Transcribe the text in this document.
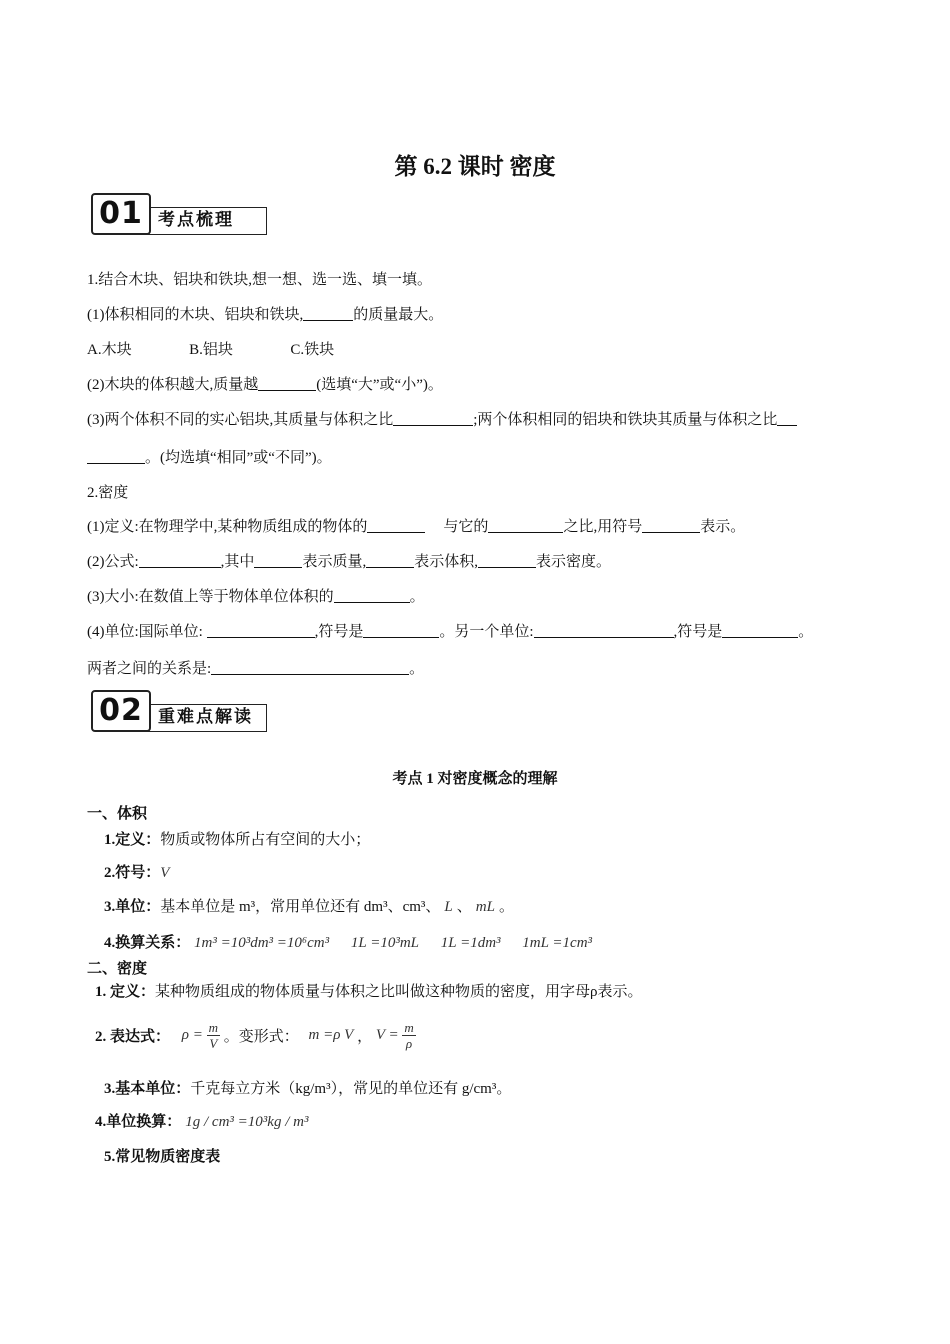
第 6.2 课时 密度
考点梳理
01
1.结合木块、铝块和铁块,想一想、选一选、填一填。
(1)体积相同的木块、铝块和铁块,	的质量最大。
A.木块	B.铝块	C.铁块
(2)木块的体积越大,质量越	(选填“大”或“小”)。
(3)两个体积不同的实心铝块,其质量与体积之比	;两个体积相同的铝块和铁块其质量与体积之比
。(均选填“相同”或“不同”)。
2.密度
(1)定义:在物理学中,某种物质组成的物体的	与它的	之比,用符号	表示。
(2)公式:	,其中	表示质量,	表示体积,	表示密度。
(3)大小:在数值上等于物体单位体积的	。
(4)单位:国际单位:	,符号是	。另一个单位:	,符号是	。
两者之间的关系是:	。
重难点解读
02
考点 1 对密度概念的理解
一、体积
1.定义：物质或物体所占有空间的大小；
2.符号：V
3.单位：基本单位是 m³，常用单位还有 dm³、cm³、 L 、 mL 。
4.换算关系： 1m³ =10³dm³ =10⁶cm³ 1L =10³mL 1L =1dm³ 1mL =1cm³
二、密度
1. 定义：某种物质组成的物体质量与体积之比叫做这种物质的密度，用字母ρ表示。
2. 表达式： $\rho = \frac{m}{V}$ 。变形式： m =ρ V ， $V = \frac{m}{\rho}$
3.基本单位：千克每立方米（kg/m³），常见的单位还有 g/cm³。
4.单位换算： 1g / cm³ =10³kg / m³
5.常见物质密度表
